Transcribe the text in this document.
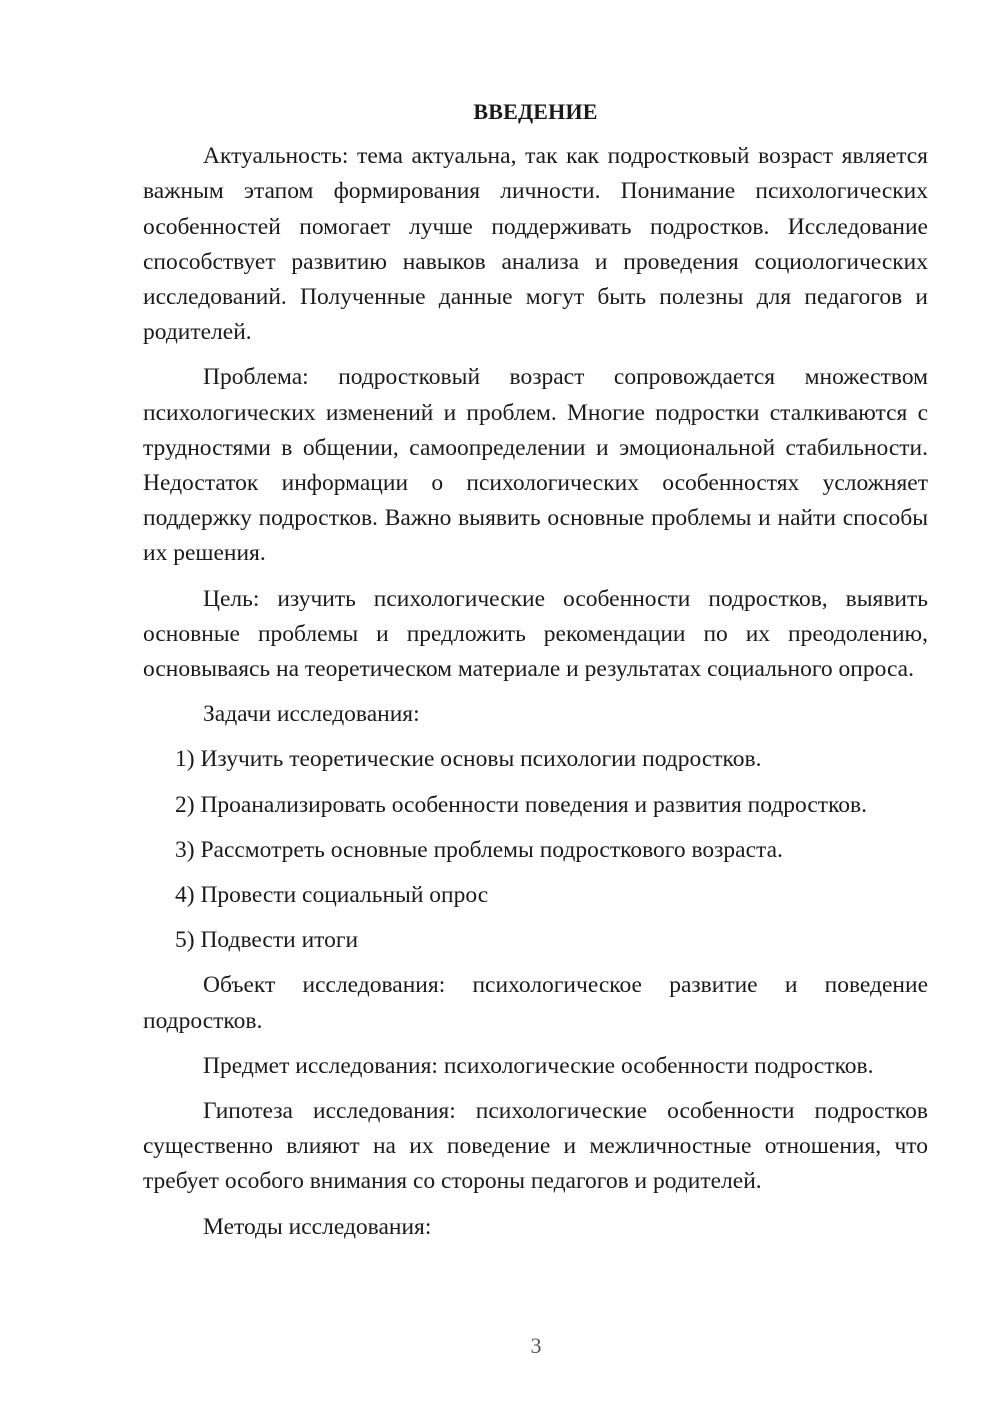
ВВЕДЕНИЕ

Актуальность: тема актуальна, так как подростковый возраст является важным этапом формирования личности. Понимание психологических особенностей помогает лучше поддерживать подростков. Исследование способствует развитию навыков анализа и проведения социологических исследований. Полученные данные могут быть полезны для педагогов и родителей.

Проблема: подростковый возраст сопровождается множеством психологических изменений и проблем. Многие подростки сталкиваются с трудностями в общении, самоопределении и эмоциональной стабильности. Недостаток информации о психологических особенностях усложняет поддержку подростков. Важно выявить основные проблемы и найти способы их решения.

Цель: изучить психологические особенности подростков, выявить основные проблемы и предложить рекомендации по их преодолению, основываясь на теоретическом материале и результатах социального опроса.

Задачи исследования:

1) Изучить теоретические основы психологии подростков.
2) Проанализировать особенности поведения и развития подростков.
3) Рассмотреть основные проблемы подросткового возраста.
4) Провести социальный опрос
5) Подвести итоги

Объект исследования: психологическое развитие и поведение подростков.

Предмет исследования: психологические особенности подростков.

Гипотеза исследования: психологические особенности подростков существенно влияют на их поведение и межличностные отношения, что требует особого внимания со стороны педагогов и родителей.

Методы исследования:

3
